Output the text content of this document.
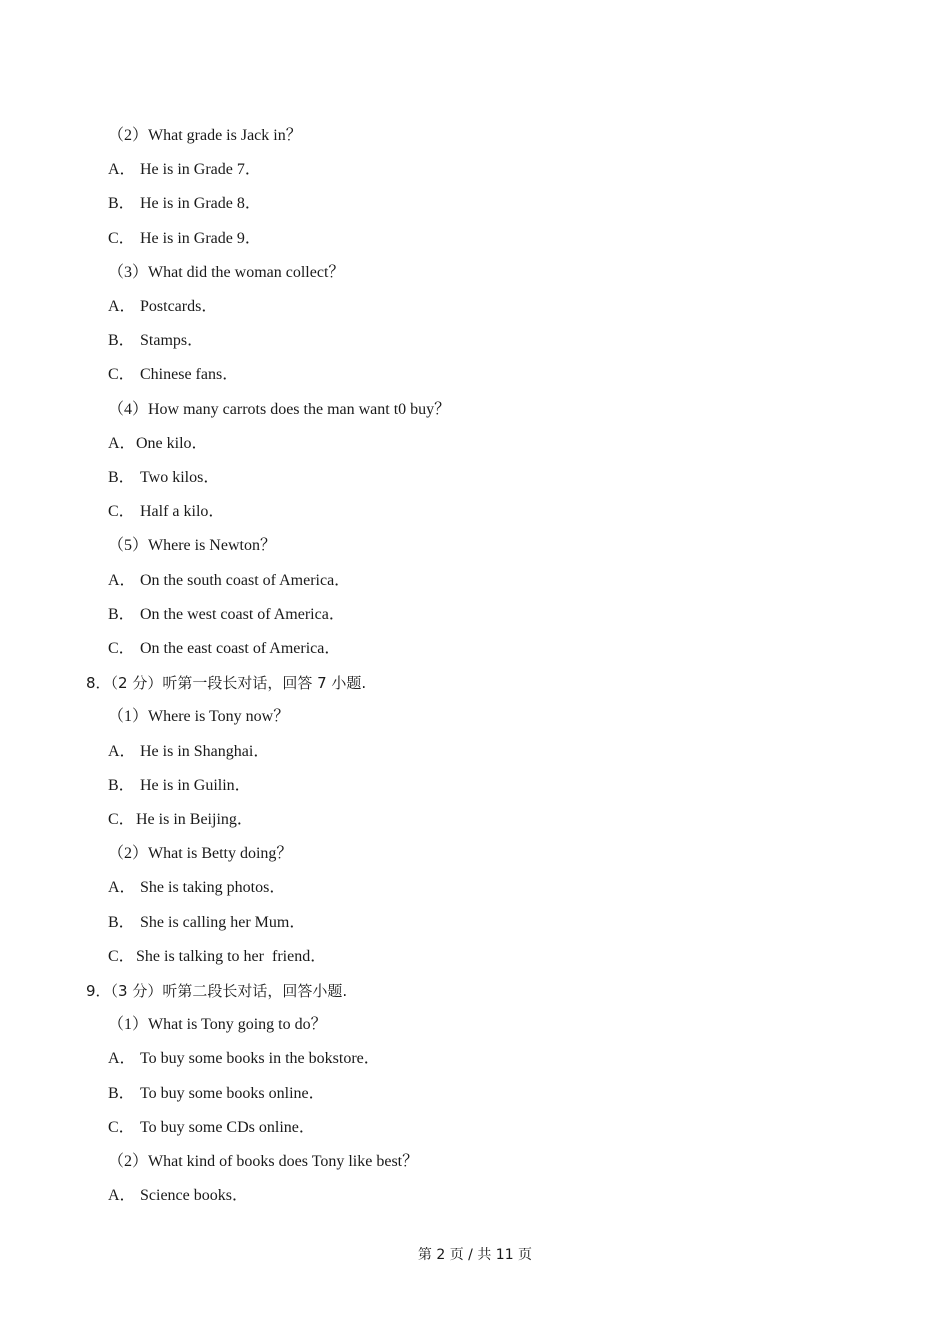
（2）What grade is Jack in？
A． He is in Grade 7．
B． He is in Grade 8．
C． He is in Grade 9．
（3）What did the woman collect？
A． Postcards．
B． Stamps．
C． Chinese fans．
（4）How many carrots does the man want t0 buy？
A．One kilo．
B． Two kilos．
C． Half a kilo．
（5）Where is Newton？
A． On the south coast of America．
B． On the west coast of America．
C． On the east coast of America．
8．（2 分）听第一段长对话，回答 7 小题.
（1）Where is Tony now？
A． He is in Shanghai．
B． He is in Guilin．
C．He is in Beijing．
（2）What is Betty doing？
A． She is taking photos．
B． She is calling her Mum．
C．She is talking to her  friend．
9．（3 分）听第二段长对话，回答小题.
（1）What is Tony going to do？
A． To buy some books in the bokstore．
B． To buy some books online．
C． To buy some CDs online．
（2）What kind of books does Tony like best？
A． Science books．
第 2 页 / 共 11 页
